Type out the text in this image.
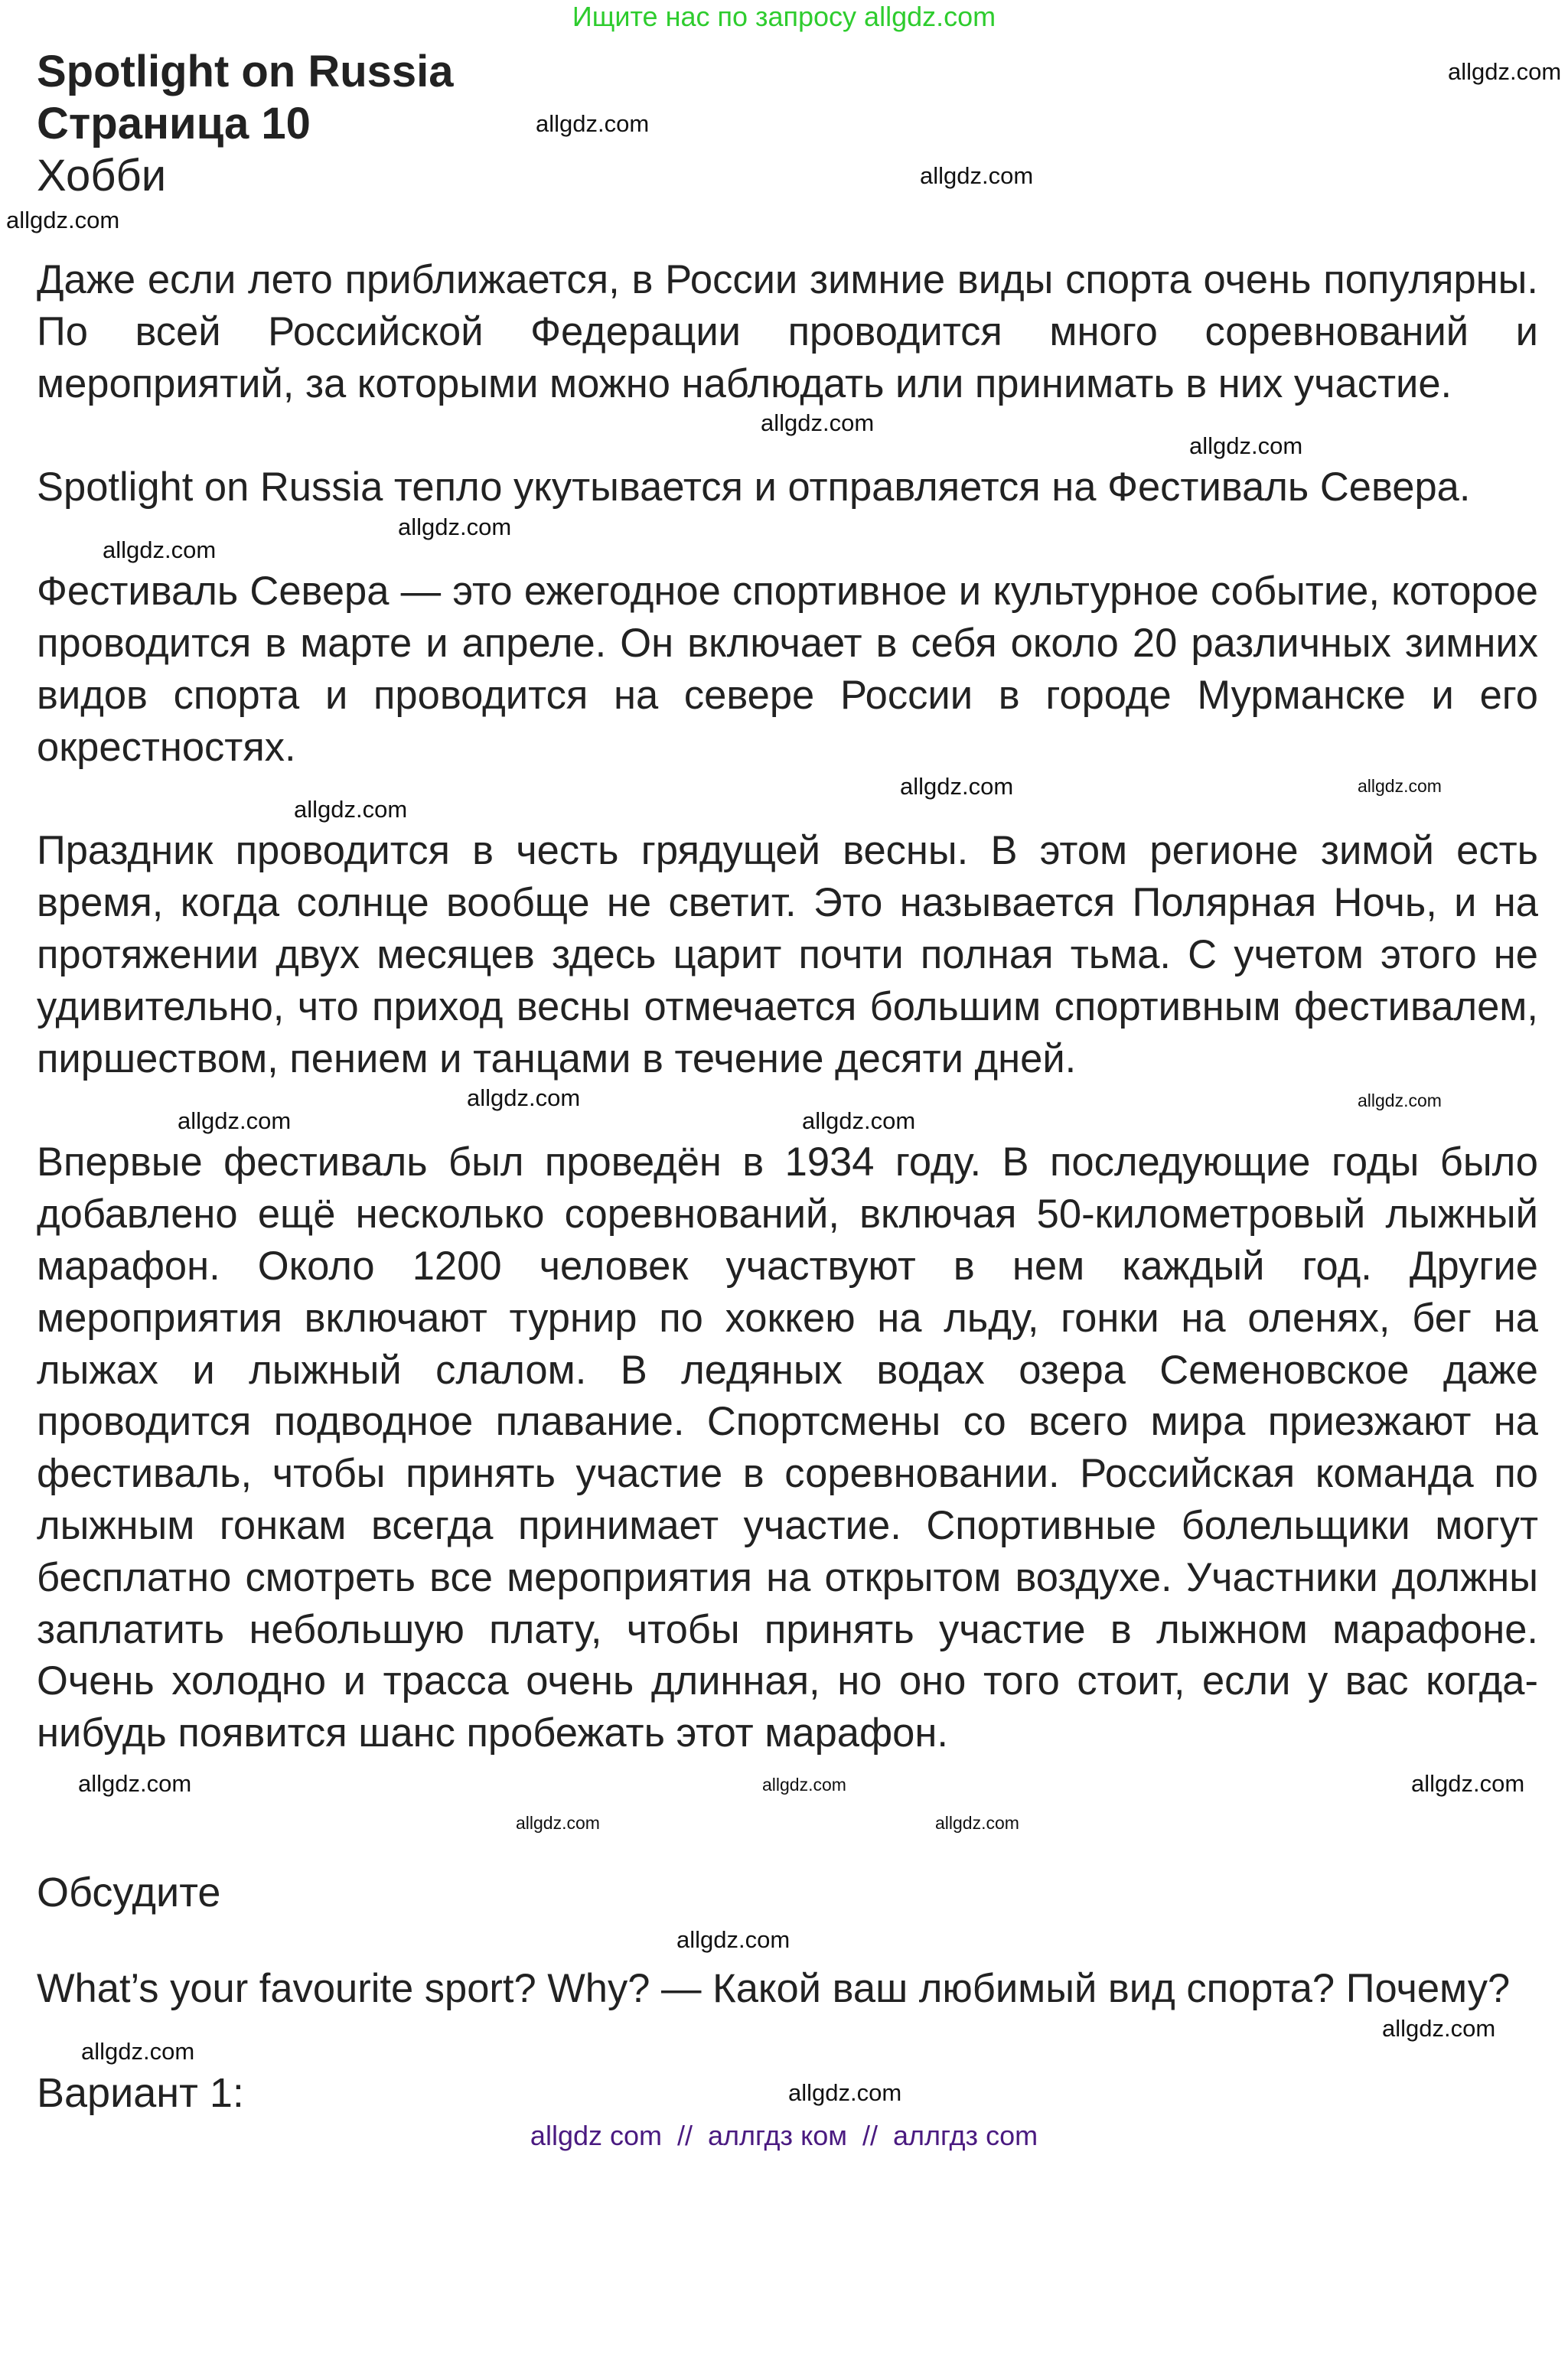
Ищите нас по запросу allgdz.com
Spotlight on Russia	allgdz.com
Страница 10	allgdz.com
Хобби	allgdz.com
allgdz.com

Даже если лето приближается, в России зимние виды спорта очень популярны. По всей Российской Федерации проводится много соревнований и мероприятий, за которыми можно наблюдать или принимать в них участие.

allgdz.com
allgdz.com

Spotlight on Russia тепло укутывается и отправляется на Фестиваль Севера.

allgdz.com
allgdz.com

Фестиваль Севера — это ежегодное спортивное и культурное событие, которое проводится в марте и апреле. Он включает в себя около 20 различных зимних видов спорта и проводится на севере России в городе Мурманске и его окрестностях.

allgdz.com
allgdz.com
allgdz.com

Праздник проводится в честь грядущей весны. В этом регионе зимой есть время, когда солнце вообще не светит. Это называется Полярная Ночь, и на протяжении двух месяцев здесь царит почти полная тьма. С учетом этого не удивительно, что приход весны отмечается большим спортивным фестивалем, пиршеством, пением и танцами в течение десяти дней.

allgdz.com
allgdz.com
allgdz.com
allgdz.com

Впервые фестиваль был проведён в 1934 году. В последующие годы было добавлено ещё несколько соревнований, включая 50-километровый лыжный марафон. Около 1200 человек участвуют в нем каждый год. Другие мероприятия включают турнир по хоккею на льду, гонки на оленях, бег на лыжах и лыжный слалом. В ледяных водах озера Семеновское даже проводится подводное плавание. Спортсмены со всего мира приезжают на фестиваль, чтобы принять участие в соревновании. Российская команда по лыжным гонкам всегда принимает участие. Спортивные болельщики могут бесплатно смотреть все мероприятия на открытом воздухе. Участники должны заплатить небольшую плату, чтобы принять участие в лыжном марафоне. Очень холодно и трасса очень длинная, но оно того стоит, если у вас когда-нибудь появится шанс пробежать этот марафон.

allgdz.com	allgdz.com
allgdz.com
allgdz.com	allgdz.com
Обсудите
allgdz.com

What’s your favourite sport? Why? — Какой ваш любимый вид спорта? Почему?

allgdz.com
allgdz.com
Вариант 1:	allgdz.com
allgdz com  //  аллгдз ком  //  аллгдз com
